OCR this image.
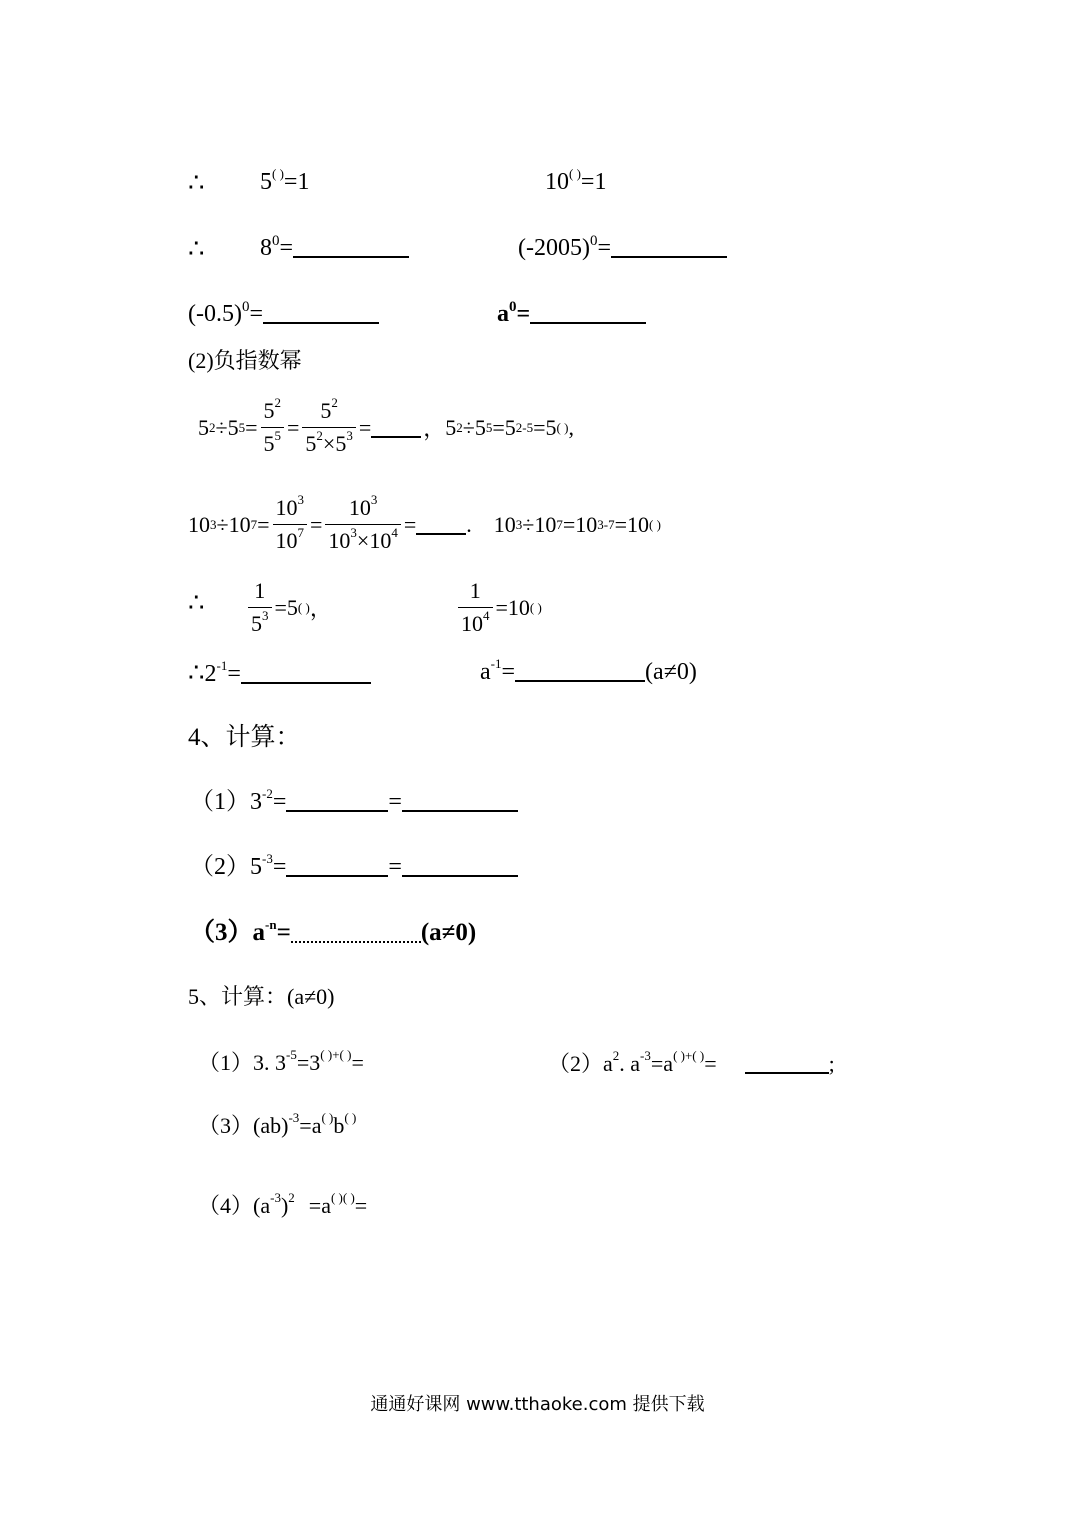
∴ 5( )=1	10( )=1
∴ $8^0=$	$(-2005)^0=$
$(-0.5)^0=$	$a^0=$
(2)负指数幂
5 2 ÷ 5 $5 = \frac{5^2}{5^5} = \frac{5^2}{5^2\times 5^3}$ = ， 5 2 ÷ 5 5 = 5 2-5 = 5 ( ) ,
10 3 ÷ 10 $7 = \frac{10^3}{10^7} = \frac{10^3}{10^3\times 10^4}$ = . 10 3 ÷ 10 7 = 10 3-7 = 10 ( )
∴ $\frac{1}{5^3} =5$ ( ) ，	$\frac{1}{10^4} =10$ ( )
$\therefore 2^{-1}=$	$a^{-1}=$	(a≠0)
4、计算：
$(1)3^{-2}=$	=
$(2)5^{-3}=$	=
$(3)a^{-n}=$	(a≠0)
5、计算：(a≠0)
（1）3. $3^{-5}=3^{( )+( )}=$	$(2)a^2$. $a^{-3}=a^{( )+( )}=$	;
（3）(ab)$^{-3}$=a( )b( )
$(4)(a^{-3})^2 =a^{( )( )}=$
通通好课网 www.tthaoke.com 提供下载
